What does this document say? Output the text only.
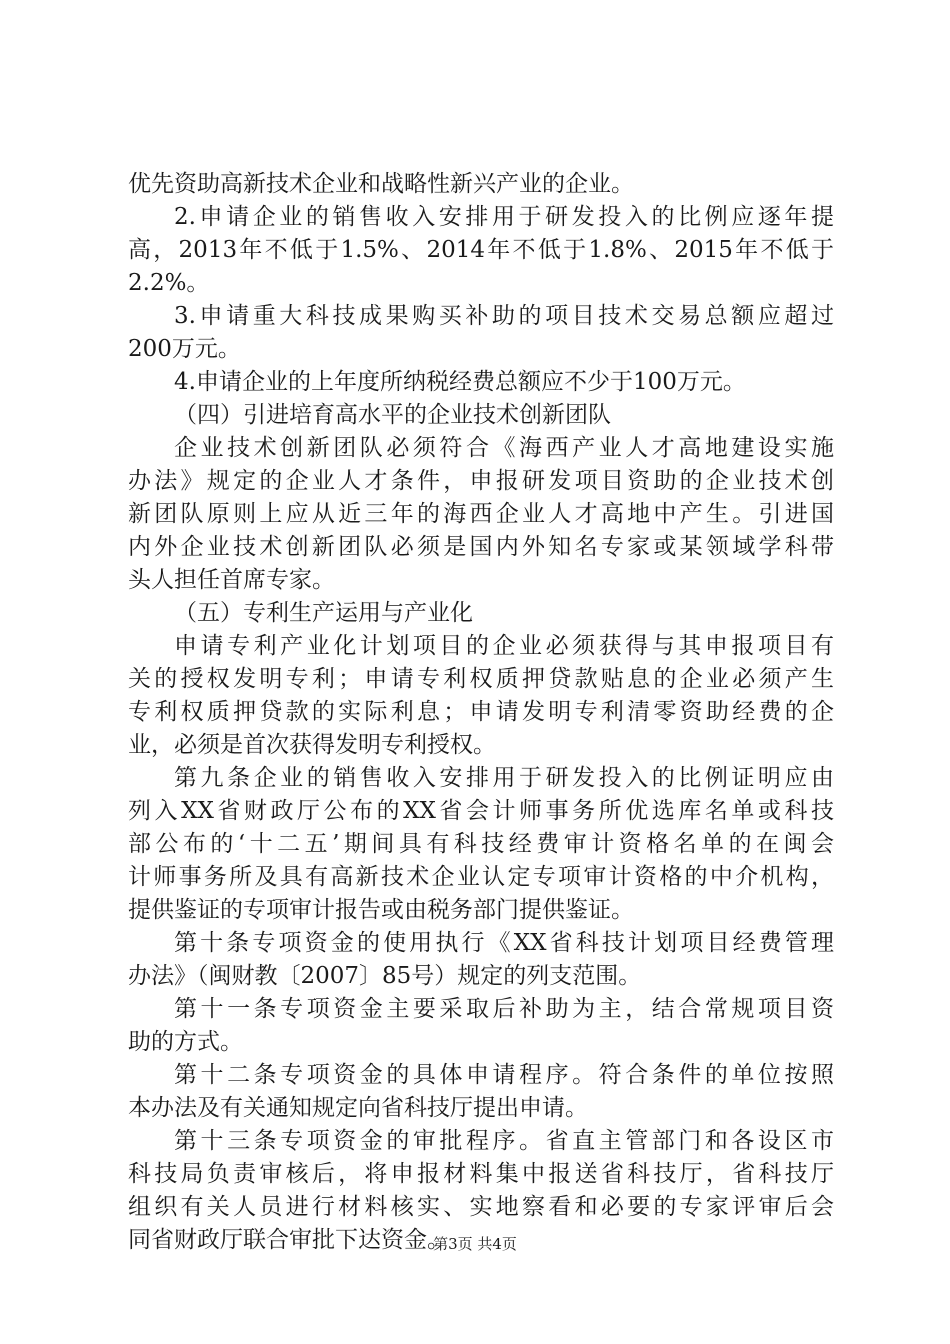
优先资助高新技术企业和战略性新兴产业的企业。
2.申请企业的销售收入安排用于研发投入的比例应逐年提
高，2013年不低于1.5%、2014年不低于1.8%、2015年不低于
2.2%。
3.申请重大科技成果购买补助的项目技术交易总额应超过
200万元。
4.申请企业的上年度所纳税经费总额应不少于100万元。
（四）引进培育高水平的企业技术创新团队
企业技术创新团队必须符合《海西产业人才高地建设实施
办法》规定的企业人才条件，申报研发项目资助的企业技术创
新团队原则上应从近三年的海西企业人才高地中产生。引进国
内外企业技术创新团队必须是国内外知名专家或某领域学科带
头人担任首席专家。
（五）专利生产运用与产业化
申请专利产业化计划项目的企业必须获得与其申报项目有
关的授权发明专利；申请专利权质押贷款贴息的企业必须产生
专利权质押贷款的实际利息；申请发明专利清零资助经费的企
业，必须是首次获得发明专利授权。
第九条企业的销售收入安排用于研发投入的比例证明应由
列入XX省财政厅公布的XX省会计师事务所优选库名单或科技
部公布的‘十二五’期间具有科技经费审计资格名单的在闽会
计师事务所及具有高新技术企业认定专项审计资格的中介机构，
提供鉴证的专项审计报告或由税务部门提供鉴证。
第十条专项资金的使用执行《XX省科技计划项目经费管理
办法》（闽财教〔2007〕85号）规定的列支范围。
第十一条专项资金主要采取后补助为主，结合常规项目资
助的方式。
第十二条专项资金的具体申请程序。符合条件的单位按照
本办法及有关通知规定向省科技厅提出申请。
第十三条专项资金的审批程序。省直主管部门和各设区市
科技局负责审核后，将申报材料集中报送省科技厅，省科技厅
组织有关人员进行材料核实、实地察看和必要的专家评审后会
同省财政厅联合审批下达资金。
第3页 共4页
